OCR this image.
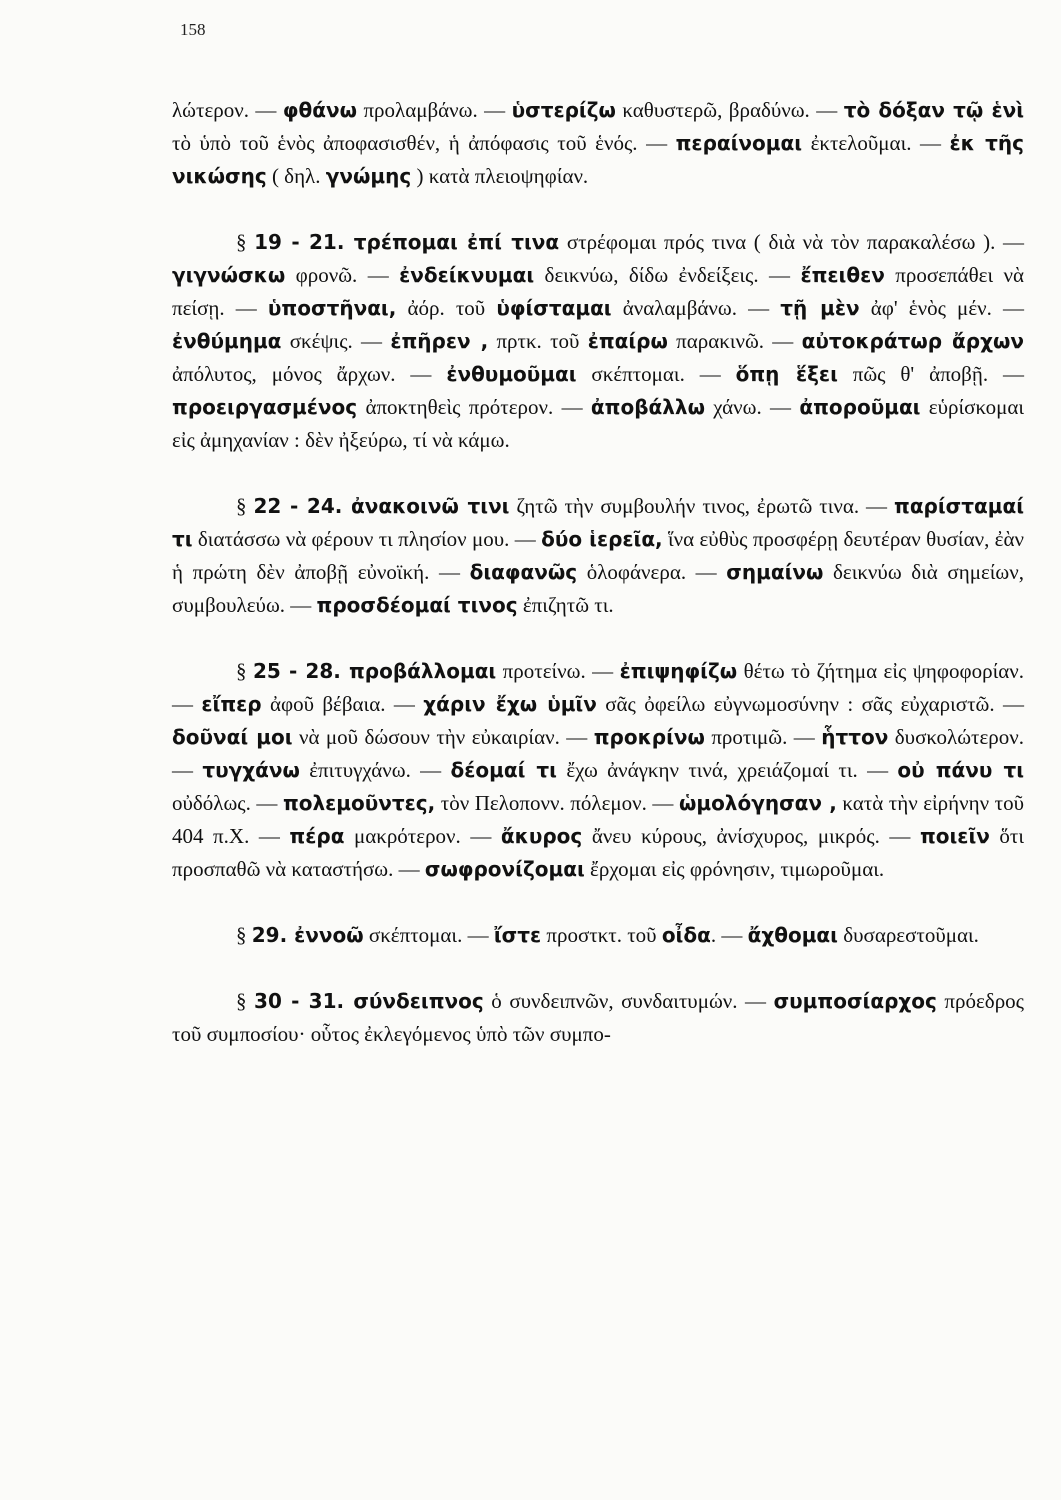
158

λώτερον. — φθάνω προλαμβάνω. — ὑστερίζω καθυστερῶ, βραδύνω. — τὸ δόξαν τῷ ἑνὶ τὸ ὑπὸ τοῦ ἑνὸς ἀποφασισθέν, ἡ ἀπόφασις τοῦ ἑνός. — περαίνομαι ἐκτελοῦμαι. — ἐκ τῆς νικώσης ( δηλ. γνώμης ) κατὰ πλειοψηφίαν.

§ 19 - 21. τρέπομαι ἐπί τινα στρέφομαι πρός τινα ( διὰ νὰ τὸν παρακαλέσω ). — γιγνώσκω φρονῶ. — ἐνδείκνυμαι δεικνύω, δίδω ἐνδείξεις. — ἔπειθεν προσεπάθει νὰ πείσῃ. — ὑποστῆναι, ἀόρ. τοῦ ὑφίσταμαι ἀναλαμβάνω. — τῇ μὲν ἀφ' ἑνὸς μέν. — ἐνθύμημα σκέψις. — ἐπῆρεν , πρτκ. τοῦ ἐπαίρω παρακινῶ. — αὐτοκράτωρ ἄρχων ἀπόλυτος, μόνος ἄρχων. — ἐνθυμοῦμαι σκέπτομαι. — ὅπῃ ἕξει πῶς θ' ἀποβῇ. — προειργασμένος ἀποκτηθεὶς πρότερον. — ἀποβάλλω χάνω. — ἀποροῦμαι εὑρίσκομαι εἰς ἀμηχανίαν : δὲν ἠξεύρω, τί νὰ κάμω.

§ 22 - 24. ἀνακοινῶ τινι ζητῶ τὴν συμβουλήν τινος, ἐρωτῶ τινα. — παρίσταμαί τι διατάσσω νὰ φέρουν τι πλησίον μου. — δύο ἱερεῖα, ἵνα εὐθὺς προσφέρῃ δευτέραν θυσίαν, ἐὰν ἡ πρώτη δὲν ἀποβῇ εὐνοϊκή. — διαφανῶς ὁλοφάνερα. — σημαίνω δεικνύω διὰ σημείων, συμβουλεύω. — προσδέομαί τινος ἐπιζητῶ τι.

§ 25 - 28. προβάλλομαι προτείνω. — ἐπιψηφίζω θέτω τὸ ζήτημα εἰς ψηφοφορίαν. — εἴπερ ἀφοῦ βέβαια. — χάριν ἔχω ὑμῖν σᾶς ὀφείλω εὐγνωμοσύνην : σᾶς εὐχαριστῶ. — δοῦναί μοι νὰ μοῦ δώσουν τὴν εὐκαιρίαν. — προκρίνω προτιμῶ. — ἧττον δυσκολώτερον. — τυγχάνω ἐπιτυγχάνω. — δέομαί τι ἔχω ἀνάγκην τινά, χρειάζομαί τι. — οὐ πάνυ τι οὐδόλως. — πολεμοῦντες, τὸν Πελοπονν. πόλεμον. — ὡμολόγησαν , κατὰ τὴν εἰρήνην τοῦ 404 π.Χ. — πέρα μακρότερον. — ἄκυρος ἄνευ κύρους, ἀνίσχυρος, μικρός. — ποιεῖν ὅτι προσπαθῶ νὰ καταστήσω. — σωφρονίζομαι ἔρχομαι εἰς φρόνησιν, τιμωροῦμαι.

§ 29. ἐννοῶ σκέπτομαι. — ἴστε προστκτ. τοῦ οἶδα. — ἄχθομαι δυσαρεστοῦμαι.

§ 30 - 31. σύνδειπνος ὁ συνδειπνῶν, συνδαιτυμών. — συμποσίαρχος πρόεδρος τοῦ συμποσίου· οὗτος ἐκλεγόμενος ὑπὸ τῶν συμπο-
